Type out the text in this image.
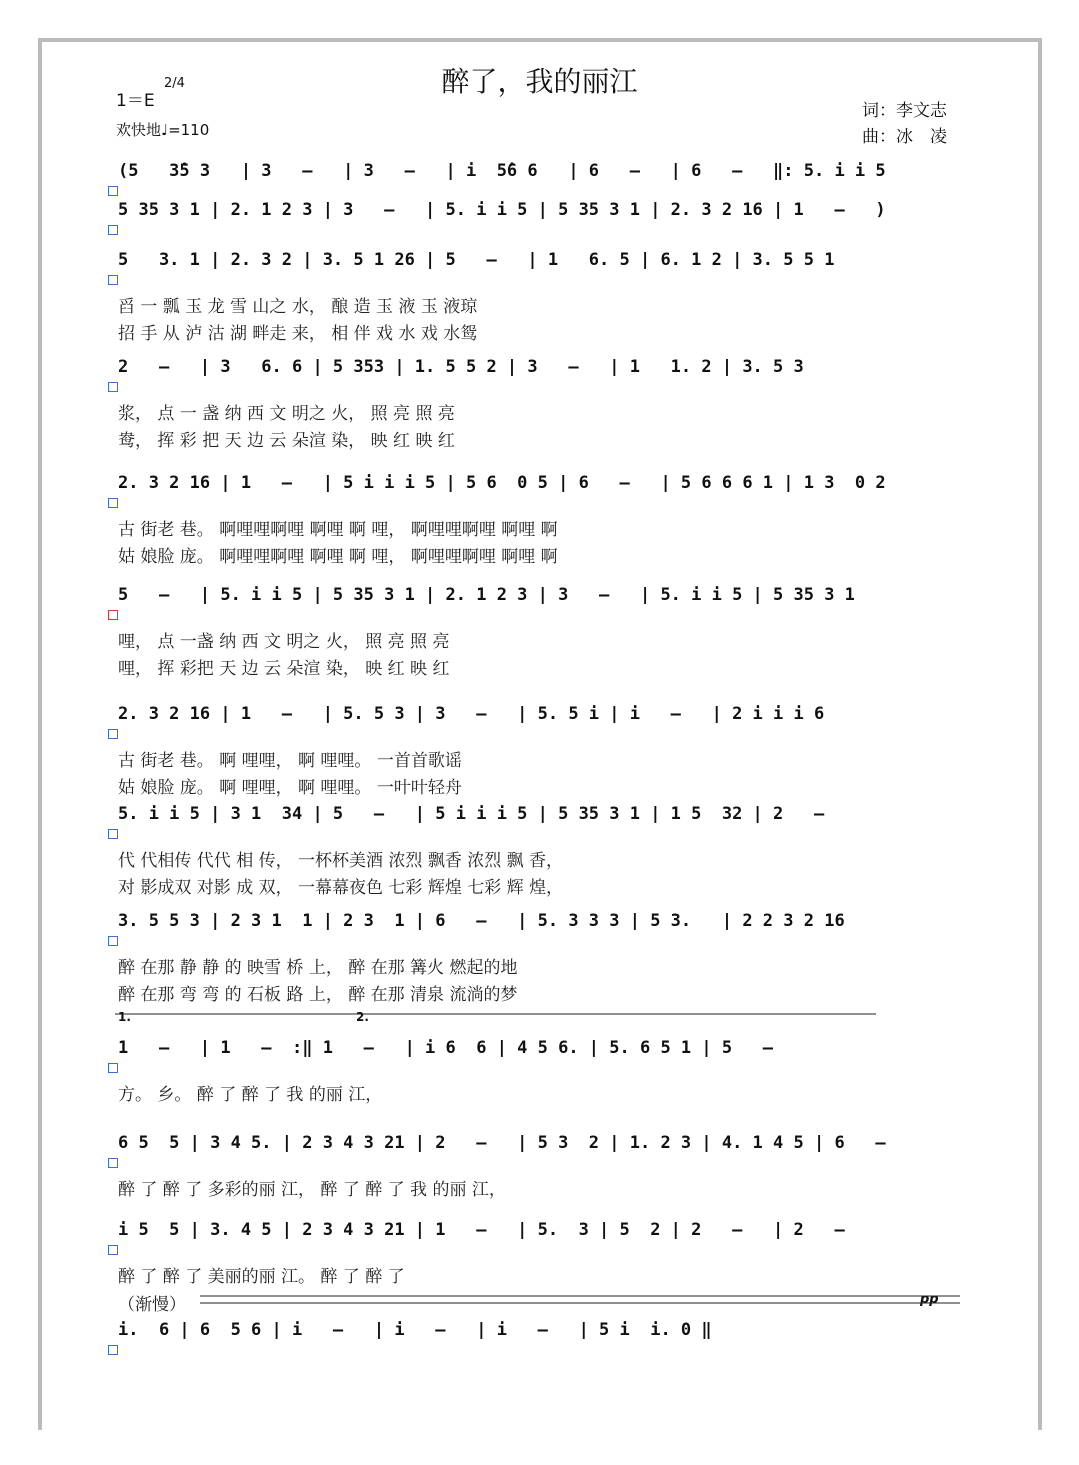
醉了，我的丽江
1＝E
2/4
欢快地♩=110
词：李文志
曲：冰　凌
(5   3̂5 3   | 3   –   | 3   –   | i  5̂6 6   | 6   –   | 6   –   ‖: 5. i i 5
5 35 3 1 | 2. 1 2 3 | 3   –   | 5. i i 5 | 5 35 3 1 | 2. 3 2 16 | 1   –   )
5   3. 1 | 2. 3 2 | 3. 5 1 26 | 5   –   | 1   6. 5 | 6. 1 2 | 3. 5 5 1
舀 一 瓢 玉 龙 雪 山之 水， 酿 造 玉 液 玉 液琼
招 手 从 泸 沽 湖 畔走 来， 相 伴 戏 水 戏 水鸳
2   –   | 3   6. 6 | 5 353 | 1. 5 5 2 | 3   –   | 1   1. 2 | 3. 5 3
浆， 点 一 盏 纳 西 文 明之 火， 照 亮 照 亮
鸯， 挥 彩 把 天 边 云 朵渲 染， 映 红 映 红
2. 3 2 16 | 1   –   | 5 i i i 5 | 5 6  0 5 | 6   –   | 5 6 6 6 1 | 1 3  0 2
古 街老 巷。 啊哩哩啊哩 啊哩 啊 哩， 啊哩哩啊哩 啊哩 啊
姑 娘脸 庞。 啊哩哩啊哩 啊哩 啊 哩， 啊哩哩啊哩 啊哩 啊
5   –   | 5. i i 5 | 5 35 3 1 | 2. 1 2 3 | 3   –   | 5. i i 5 | 5 35 3 1
哩， 点 一盏 纳 西 文 明之 火， 照 亮 照 亮
哩， 挥 彩把 天 边 云 朵渲 染， 映 红 映 红
2. 3 2 16 | 1   –   | 5. 5 3 | 3   –   | 5. 5 i | i   –   | 2 i i i 6
古 街老 巷。 啊 哩哩， 啊 哩哩。 一首首歌谣
姑 娘脸 庞。 啊 哩哩， 啊 哩哩。 一叶叶轻舟
5. i i 5 | 3 1  34 | 5   –   | 5 i i i 5 | 5 35 3 1 | 1 5  32 | 2   –
代 代相传 代代 相 传， 一杯杯美酒 浓烈 飘香 浓烈 飘 香，
对 影成双 对影 成 双， 一幕幕夜色 七彩 辉煌 七彩 辉 煌，
3. 5 5 3 | 2 3 1  1 | 2 3  1 | 6   –   | 5. 3 3 3 | 5 3.   | 2 2 3 2 16
醉 在那 静 静 的 映雪 桥 上， 醉 在那 篝火 燃起的地
醉 在那 弯 弯 的 石板 路 上， 醉 在那 清泉 流淌的梦
1   –   | 1   –  :‖ 1   –   | i 6  6 | 4 5 6. | 5. 6 5 1 | 5   –
方。 乡。 醉 了 醉 了 我 的丽 江，
6 5  5 | 3 4 5. | 2 3 4 3 21 | 2   –   | 5 3  2 | 1. 2 3 | 4. 1 4 5 | 6   –
醉 了 醉 了 多彩的丽 江， 醉 了 醉 了 我 的丽 江，
i 5  5 | 3. 4 5 | 2 3 4 3 21 | 1   –   | 5.  3 | 5  2 | 2   –   | 2   –
醉 了 醉 了 美丽的丽 江。 醉 了 醉 了
i.  6 | 6  5 6 | i   –   | i   –   | i   –   | 5 i  i. 0 ‖
（渐慢）
1.	2.
pp
